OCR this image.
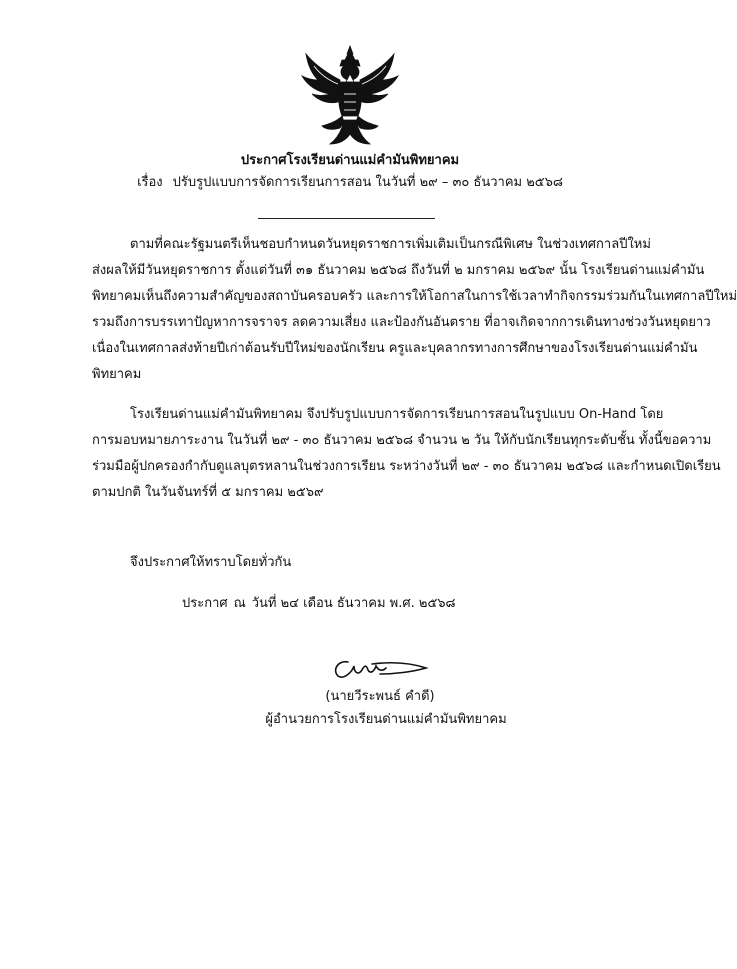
ประกาศโรงเรียนด่านแม่คำมันพิทยาคม
เรื่อง ปรับรูปแบบการจัดการเรียนการสอน ในวันที่ ๒๙ – ๓๐ ธันวาคม ๒๕๖๘
ตามที่คณะรัฐมนตรีเห็นชอบกำหนดวันหยุดราชการเพิ่มเติมเป็นกรณีพิเศษ ในช่วงเทศกาลปีใหม่
ส่งผลให้มีวันหยุดราชการ ตั้งแต่วันที่ ๓๑ ธันวาคม ๒๕๖๘ ถึงวันที่ ๒ มกราคม ๒๕๖๙ นั้น โรงเรียนด่านแม่คำมัน
พิทยาคมเห็นถึงความสำคัญของสถาบันครอบครัว และการให้โอกาสในการใช้เวลาทำกิจกรรมร่วมกันในเทศกาลปีใหม่
รวมถึงการบรรเทาปัญหาการจราจร ลดความเสี่ยง และป้องกันอันตราย ที่อาจเกิดจากการเดินทางช่วงวันหยุดยาว
เนื่องในเทศกาลส่งท้ายปีเก่าต้อนรับปีใหม่ของนักเรียน ครูและบุคลากรทางการศึกษาของโรงเรียนด่านแม่คำมัน
พิทยาคม
โรงเรียนด่านแม่คำมันพิทยาคม จึงปรับรูปแบบการจัดการเรียนการสอนในรูปแบบ On-Hand โดย
การมอบหมายภาระงาน ในวันที่ ๒๙ - ๓๐ ธันวาคม ๒๕๖๘ จำนวน ๒ วัน ให้กับนักเรียนทุกระดับชั้น ทั้งนี้ขอความ
ร่วมมือผู้ปกครองกำกับดูแลบุตรหลานในช่วงการเรียน ระหว่างวันที่ ๒๙ - ๓๐ ธันวาคม ๒๕๖๘ และกำหนดเปิดเรียน
ตามปกติ ในวันจันทร์ที่ ๕ มกราคม ๒๕๖๙
จึงประกาศให้ทราบโดยทั่วกัน
ประกาศ ณ วันที่ ๒๔ เดือน ธันวาคม พ.ศ. ๒๕๖๘
(นายวีระพนธ์ คำดี)
ผู้อำนวยการโรงเรียนด่านแม่คำมันพิทยาคม
